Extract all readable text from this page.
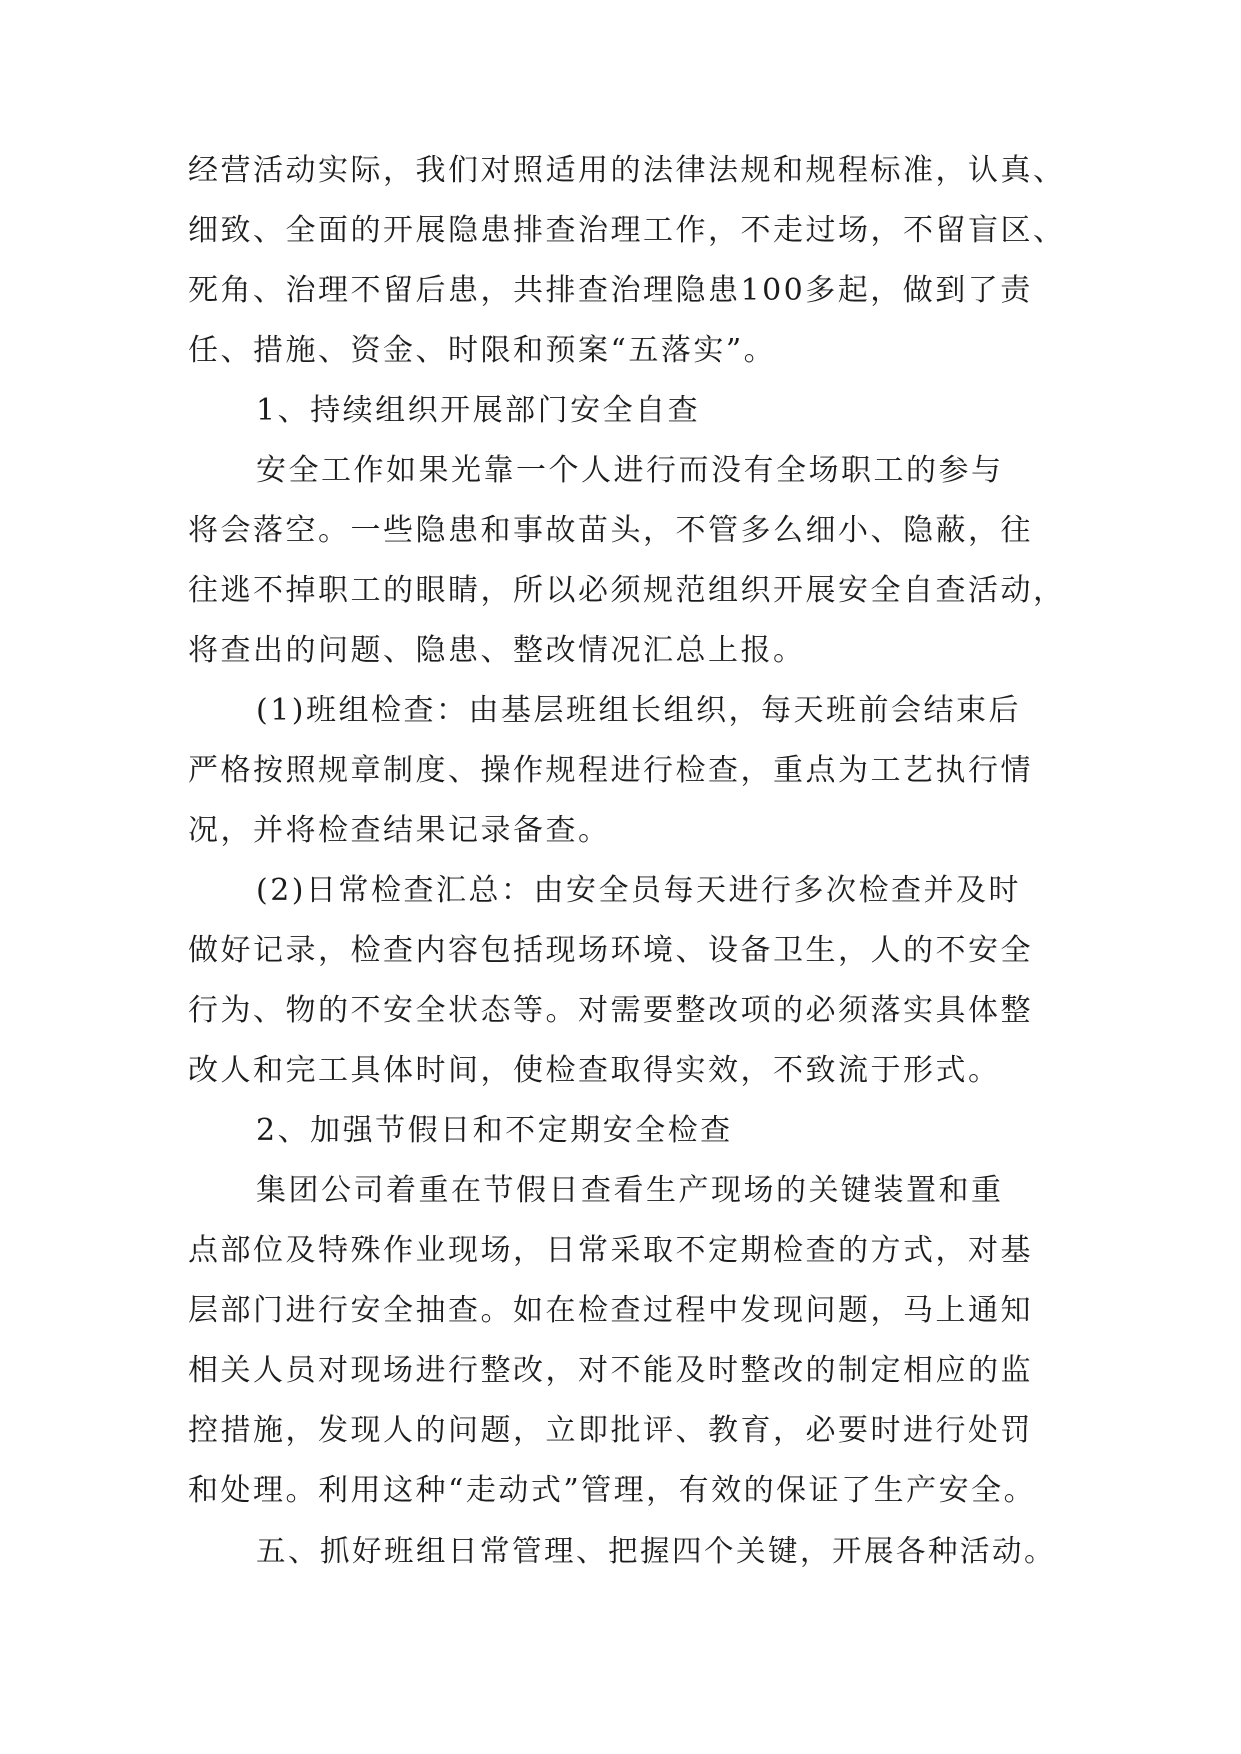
经营活动实际，我们对照适用的法律法规和规程标准，认真、
细致、全面的开展隐患排查治理工作，不走过场，不留盲区、
死角、治理不留后患，共排查治理隐患100多起，做到了责
任、措施、资金、时限和预案“五落实”。
1、持续组织开展部门安全自查
安全工作如果光靠一个人进行而没有全场职工的参与
将会落空。一些隐患和事故苗头，不管多么细小、隐蔽，往
往逃不掉职工的眼睛，所以必须规范组织开展安全自查活动，
将查出的问题、隐患、整改情况汇总上报。
(1)班组检查：由基层班组长组织，每天班前会结束后
严格按照规章制度、操作规程进行检查，重点为工艺执行情
况，并将检查结果记录备查。
(2)日常检查汇总：由安全员每天进行多次检查并及时
做好记录，检查内容包括现场环境、设备卫生，人的不安全
行为、物的不安全状态等。对需要整改项的必须落实具体整
改人和完工具体时间，使检查取得实效，不致流于形式。
2、加强节假日和不定期安全检查
集团公司着重在节假日查看生产现场的关键装置和重
点部位及特殊作业现场，日常采取不定期检查的方式，对基
层部门进行安全抽查。如在检查过程中发现问题，马上通知
相关人员对现场进行整改，对不能及时整改的制定相应的监
控措施，发现人的问题，立即批评、教育，必要时进行处罚
和处理。利用这种“走动式”管理，有效的保证了生产安全。
五、抓好班组日常管理、把握四个关键，开展各种活动。
